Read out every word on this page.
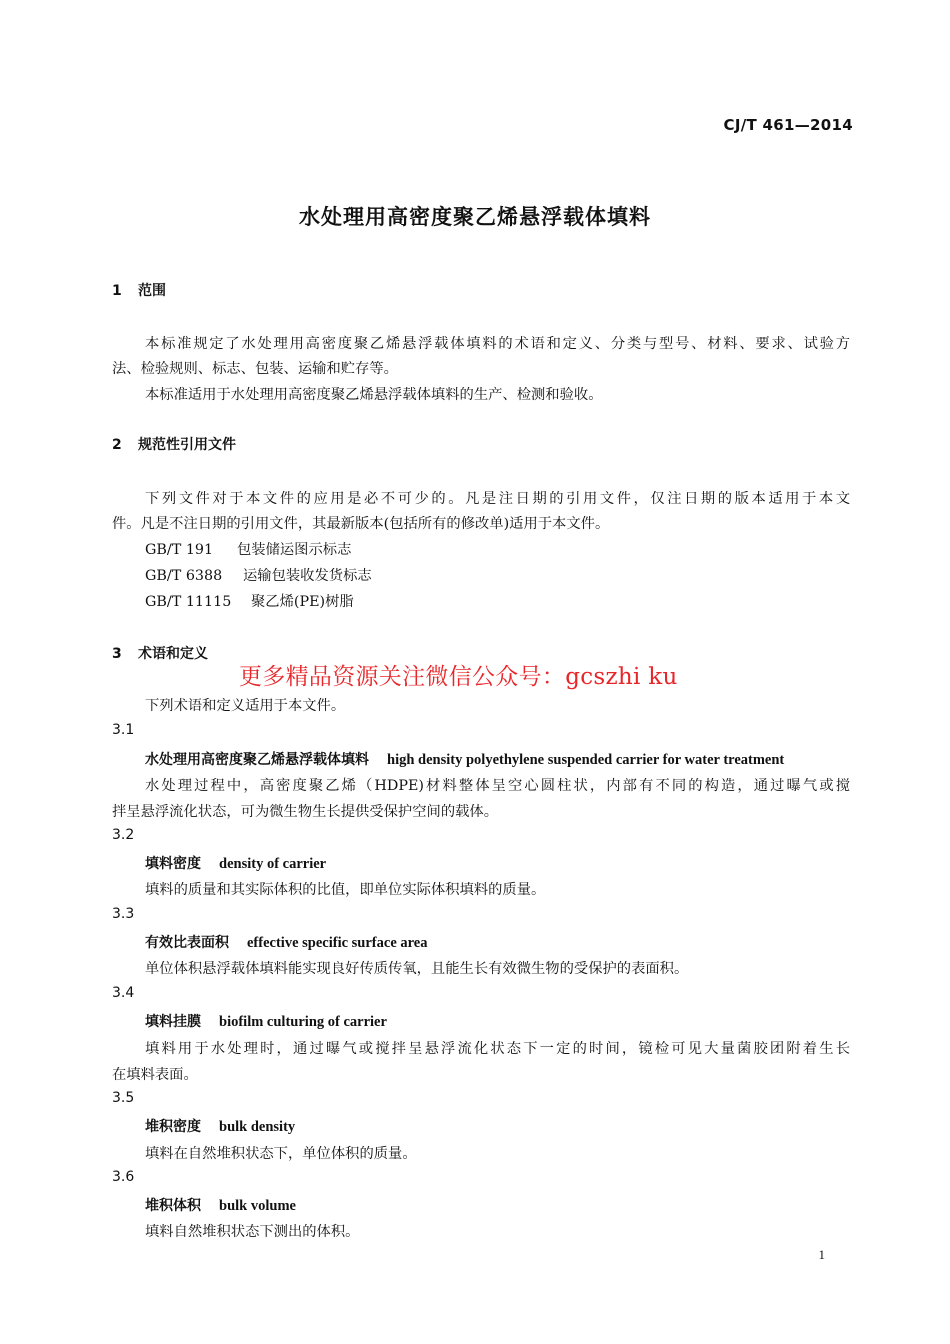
CJ/T 461—2014
水处理用高密度聚乙烯悬浮载体填料
1 范围
本标准规定了水处理用高密度聚乙烯悬浮载体填料的术语和定义、分类与型号、材料、要求、试验方
法、检验规则、标志、包装、运输和贮存等。
本标准适用于水处理用高密度聚乙烯悬浮载体填料的生产、检测和验收。
2 规范性引用文件
下列文件对于本文件的应用是必不可少的。凡是注日期的引用文件，仅注日期的版本适用于本文
件。凡是不注日期的引用文件，其最新版本(包括所有的修改单)适用于本文件。
GB/T 191 包装储运图示标志
GB/T 6388 运输包装收发货标志
GB/T 11115 聚乙烯(PE)树脂
3 术语和定义
更多精品资源关注微信公众号：gcszhi ku
下列术语和定义适用于本文件。
3.1
水处理用高密度聚乙烯悬浮载体填料 high density polyethylene suspended carrier for water treatment
水处理过程中，高密度聚乙烯（HDPE)材料整体呈空心圆柱状，内部有不同的构造，通过曝气或搅
拌呈悬浮流化状态，可为微生物生长提供受保护空间的载体。
3.2
填料密度 density of carrier
填料的质量和其实际体积的比值，即单位实际体积填料的质量。
3.3
有效比表面积 effective specific surface area
单位体积悬浮载体填料能实现良好传质传氧，且能生长有效微生物的受保护的表面积。
3.4
填料挂膜 biofilm culturing of carrier
填料用于水处理时，通过曝气或搅拌呈悬浮流化状态下一定的时间，镜检可见大量菌胶团附着生长
在填料表面。
3.5
堆积密度 bulk density
填料在自然堆积状态下，单位体积的质量。
3.6
堆积体积 bulk volume
填料自然堆积状态下测出的体积。
1
